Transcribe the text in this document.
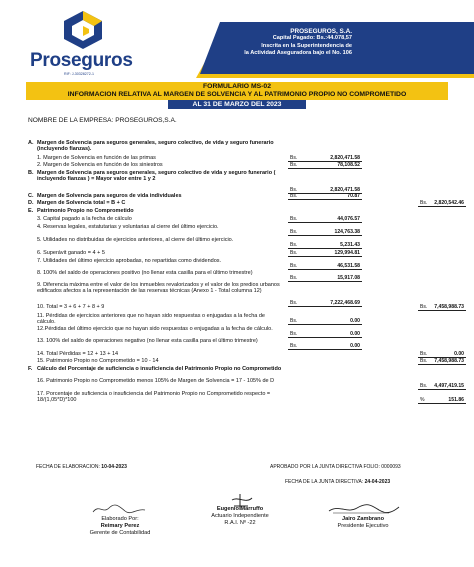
Proseguros
RIF: J-30328272-1
PROSEGUROS, S.A.
Capital Pagado: Bs.:44.078,57
Inscrita en la Superintendencia de
la Actividad Aseguradora bajo el No. 106
FORMULARIO MS-02
INFORMACION RELATIVA AL MARGEN DE SOLVENCIA Y AL PATRIMONIO PROPIO NO COMPROMETIDO
AL 31 DE MARZO DEL 2023
NOMBRE DE LA EMPRESA: PROSEGUROS,S.A.
A. Margen de Solvencia para seguros generales, seguro colectivo, de vida y seguro funerario (incluyendo fianzas).
1. Margen de Solvencia en función de las primas	Bs.	2,820,471.58
2. Margen de Solvencia en función de los siniestros	Bs.	78,108.52
B. Margen de Solvencia para seguros generales, seguro colectivo de vida y seguro funerario ( incluyendo fianzas ) = Mayor valor entre 1 y 2
Bs.	2,820,471.58
C. Margen de Solvencia para seguros de vida individuales	Bs.	70.87
D. Margen de Solvencia total = B + C	Bs. 2,820,542.46
E. Patrimonio Propio no Comprometido
3. Capital pagado a la fecha de cálculo	Bs.	44,076.57
4. Reservas legales, estatutarias y voluntarias al cierre del último ejercicio.
Bs.	124,763.38
5. Utilidades no distribuidas de ejercicios anteriores, al cierre del último ejercicio.
Bs.	5,231.43
6. Superávit ganado = 4 + 5	Bs.	129,994.81
7. Utilidades del último ejercicio aprobadas, no repartidas como dividendos.
Bs.	46,531.58
8. 100% del saldo de operaciones positivo (no llenar esta casilla para el último trimestre)
Bs.	15,917.08
9. Diferencia máxima entre el valor de los inmuebles revalorizados y el valor de los predios urbanos edificados afectos a la representación de las reservas técnicas (Anexo 1 - Total columna 12)
Bs.	7,222,468.69
10. Total = 3 + 6 + 7 + 8 + 9	Bs. 7,458,988.73
11. Pérdidas de ejercicios anteriores que no hayan sido respuestas o enjugadas a la fecha de cálculo.	Bs.	0.00
12.Pérdidas del último ejercicio que no hayan sido respuestas o enjugadas a la fecha de cálculo.
Bs.	0.00
13. 100% del saldo de operaciones negativo (no llenar esta casilla para el último trimestre)
Bs.	0.00
14. Total Pérdidas = 12 + 13 + 14	Bs.	0.00
15. Patrimonio Propio no Comprometido = 10 - 14	Bs. 7,458,988.73
F. Cálculo del Porcentaje de suficiencia o insuficiencia del Patrimonio Propio no Comprometido
16. Patrimonio Propio no Comprometido menos 105% de Margen de Solvencia = 17 - 105% de D
Bs. 4,497,419.15
17. Porcentaje de suficiencia o insuficiencia del Patrimonio Propio no Comprometido respecto = 18/(1,05*D)*100	%	151.86
FECHA DE ELABORACION: 10-04-2023	APROBADO POR LA JUNTA DIRECTIVA FOLIO: 0000093
FECHA DE LA JUNTA DIRECTIVA: 24-04-2023
Elaborado Por:
Reimary Perez
Gerente de Contabilidad
Eugenio Marruffo
Actuario Independiente
R.A.I. Nº -22
Jairo Zambrano
Presidente Ejecutivo
